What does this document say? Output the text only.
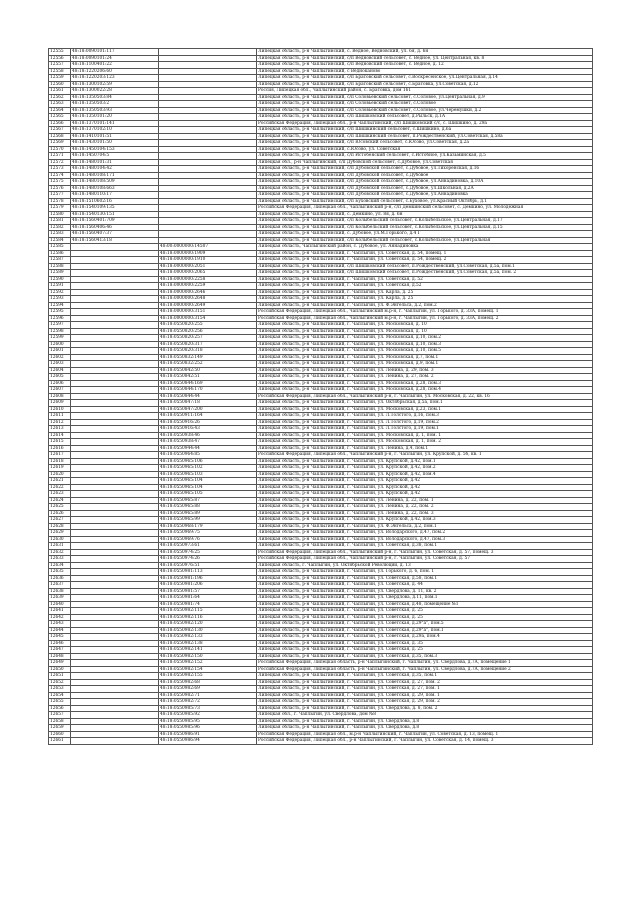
12555	48:18:0090101:117		Липецкая область, р-н Чаплыгинский, с. Ведное, Ведновский, ул. 6я, д. 6н
12556	48:18:0090101:24		Липецкая область, р-н Чаплыгинский, с/п Ведновский сельсовет, с. Ведное, ул. Центральная, кв. 8
12557	48:18:1100401:22		Липецкая область, р-н Чаплыгинский, с/п Ведновский сельсовет, с. Ведное, д. 12
12558	48:18:1220206:60		Липецкая область, р-н Чаплыгинский, с Ведноканово
12559	48:18:1220203:123		Липецкая область, р-н Чаплыгинский, с/п Братовский сельсовет, с.Воскресенское, ул.Центральная, д.14
12560	48:18:1300102:59		Липецкая область, р-н Чаплыгинский, с/п Братовский сельсовет, с.Братовка, ул.Советская, д.12
12561	48:18:1300022:28		Россия, Липецкая обл., Чаплыгинский район, с. Братовка, дом 161
12562	48:18:1350503:84		Липецкая область, р-н Чаплыгинский, с/п Соловьевский сельсовет, с.Соловое, ул.Центральная, д.9
12563	48:18:1350503:2		Липецкая область, р-н Чаплыгинский, с/п Соловьевский сельсовет, с.Соловое
12564	48:18:1350503:93		Липецкая область, р-н Чаплыгинский, с/п Соловьевский сельсовет, с.Соловое, ул.Черемушки, д.2
12565	48:18:1350101:20		Липецкая область, р-н Чаплыгинский, с/п Шишковский сельсовет, д.Рыльск, д.1А
12566	48:18:1370101:141		Российская Федерация, Липецкая обл., р-н Чаплыгинский, с/п Шишковский с/с, с. Шишкино, д. 29а
12567	48:18:1370102:10		Липецкая область, р-н Чаплыгинский, с/п Шишкинский сельсовет, с.Шишкино, д.6а
12568	48:18:1410101:51		Липецкая область, р-н Чаплыгинский, с/п Шишкинский сельсовет, п.Рождественский, ул.Советская, д.58а
12569	48:18:1430101:50		Липецкая область, р-н Чаплыгинский, с/п Юсовский сельсовет, с.Юсово, ул.Советская, д.2а
12570	48:18:1450104:153		Липецкая область, р-н Чаплыгинский, с.Юсово, ул. Советская
12571	48:18:1450704:5		Липецкая область, р-н Чаплыгинский, с/п Истобенский сельсовет, с.Истобное, ул.Казьминская, д.5
12572	48:18:1480101:31		Липецкая обл., р-н Чаплыгинский, с/п Дубовской сельсовет, с.Дубовое, ул.Советская
12573	48:18:1480104:42		Липецкая область, р-н Чаплыгинский, с/п Дубовской сельсовет, с.Дубовое, ул.Тихоренская, д.16
12574	48:18:1480108:171		Липецкая область, р-н Чаплыгинский, с/п Дубовской сельсовет, с.Дубовое
12575	48:18:1480108:509		Липецкая область, р-н Чаплыгинский, с/п Дубовской сельсовет, с.Дубовое, ул.Аннадиновка, д.10А
12576	48:18:1480108:663		Липецкая область, р-н Чаплыгинский, с/п Дубовской сельсовет, с.Дубовое, ул.Школьная, д.2А
12577	48:18:1480110:17		Липецкая область, р-н Чаплыгинский, с/п Дубовской сельсовет, с.Дубовое, ул.Аннадиновка
12578	48:18:1510602:16		Липецкая область, р-н Чаплыгинский, с/п Буховский сельсовет, с.Буховое, ул.Красный Октябрь, д.1
12579	48:18:1540109:135		Российская Федерация, Липецкая обл., Чаплыгинский р-н, с/п Демкинский сельсовет, с. Демкино, ул. Молодежная
12580	48:18:1540130:151		Липецкая область, р-н Чаплыгинский, с. Демкино, ул. 8я, д. 6н
12581	48:18:1560401:709		Липецкая область, р-н Чаплыгинский, с/п Колыбельский сельсовет, с.Колыбельское, ул.Центральная, д.17
12582	48:18:1560406:46		Липецкая область, р-н Чаплыгинский, с/п Колыбельский сельсовет, с.Колыбельское, ул.Центральная, д.15
12583	48:18:1560407:37		Липецкая область, р-н Чаплыгинский, с. Дубовое, ул.М.Горького, д.4 Г
12584	48:18:1560413:18		Липецкая область, р-н Чаплыгинский, с/п Колыбельский сельсовет, с.Колыбельское, ул.Центральная
12585		48:00:0000000:14507	Липецкая область, Чаплыгинский район, с. Дубовое, ул. Аннадиновка
12586		48:18:0000000:1909	Липецкая область, р-н Чаплыгинский, г. Чаплыгин, ул. Советская, д. 54, помещ. 1
12587		48:18:0000000:1910	Липецкая область, р-н Чаплыгинский, г. Чаплыгин, ул. Советская, д. 54, помещ. 2
12588		48:18:0000000:2051	Липецкая область, р-н Чаплыгинский, с/п Шишковский сельсовет, п.Рождественский, ул.Советская, д.5а, пом.1
12589		48:18:0000000:2065	Липецкая область, р-н Чаплыгинский, с/п Шишковский сельсовет, п.Рождественский, ул.Советская, д.5а, пом. 2
12590		48:18:0000000:2258	Липецкая область, р-н Чаплыгинский, г. Чаплыгин, ул. Советская, д. 52
12591		48:18:0000000:2259	Липецкая область, р-н Чаплыгинский, г. Чаплыгин, ул. Советская, д.52
12592		48:18:0000000:2646	Липецкая область, р-н Чаплыгинский, г. Чаплыгин, ул. Карла, д. 25
12593		48:18:0000000:2648	Липецкая область, р-н Чаплыгинский, г. Чаплыгин, ул. Карла, д. 25
12594		48:18:0000000:2649	Липецкая область, р-н Чаплыгинский, г. Чаплыгин, ул. Ф.Энгельса, д.2, пом.2
12595		48:18:0000000:3151	Российская Федерация, Липецкая обл., Чаплыгинский м.р-н, г. Чаплыгин, ул. Горького, д. 33А, помещ. 1
12596		48:18:0000000:3154	Российская Федерация, Липецкая обл., Чаплыгинский м.р-н, г. Чаплыгин, ул. Горького, д. 33А, помещ. 2
12597		48:18:0550820:255	Липецкая область, р-н Чаплыгинский, г. Чаплыгин, ул. Московская, д. 10
12598		48:18:0550820:256	Липецкая область, р-н Чаплыгинский, г. Чаплыгин, ул. Московская, д. 10
12599		48:18:0550820:257	Липецкая область, р-н Чаплыгинский, г. Чаплыгин, ул. Московская, д.10, пом.2
12600		48:18:0550820:317	Липецкая область, р-н Чаплыгинский, г. Чаплыгин, ул. Московская, д.10, пом.3
12601		48:18:0550820:318	Липецкая область, р-н Чаплыгинский, г. Чаплыгин, ул. Московская, д.10, пом.5
12602		48:18:0550832:149	Липецкая область, р-н Чаплыгинский, г. Чаплыгин, ул. Московская, д.7, пом.1
12603		48:18:0550832:252	Липецкая область, р-н Чаплыгинский, г. Чаплыгин, ул. Московская, д.9, пом.1
12604		48:18:0550842:50	Липецкая область, р-н Чаплыгинский, г. Чаплыгин, ул. Ленина, д. 29, пом. 3
12605		48:18:0550842:51	Липецкая область, р-н Чаплыгинский, г. Чаплыгин, ул. Ленина, д. 27, пом. 2
12606		48:18:0550844:169	Липецкая область, р-н Чаплыгинский, г. Чаплыгин, ул. Московская, д.28, пом.3
12607		48:18:0550844:170	Липецкая область, р-н Чаплыгинский, г. Чаплыгин, ул. Московская, д.28, пом.4
12608		48:18:0550844:44	Российская Федерация, Липецкая обл., Чаплыгинский р-н, г. Чаплыгин, ул. Московская, д. 22, кв. 16
12609		48:18:0550847:18	Липецкая область, р-н Чаплыгинский, г. Чаплыгин, ул. Октябрьская, д.5а, пом.1
12610		48:18:0550847:200	Липецкая область, р-н Чаплыгинский, г. Чаплыгин, ул. Московская, д.23, пом.1
12611		48:18:0550911:164	Липецкая область, р-н Чаплыгинский, г. Чаплыгин, ул. Л.Толстого, д.16, пом.3
12612		48:18:0550916:26	Липецкая область, р-н Чаплыгинский, г. Чаплыгин, ул. Л.Толстого, д.19, пом.2
12613		48:18:0550916:43	Липецкая область, р-н Чаплыгинский, г. Чаплыгин, ул. Л.Толстого, д.19, пом.1
12614		48:18:0550938:46	Липецкая область, р-н Чаплыгинский, г. Чаплыгин, ул. Московская, д. 1, пом. 1
12615		48:18:0550938:47	Липецкая область, р-н Чаплыгинский, г. Чаплыгин, ул. Московская, д. 1, пом. 2
12616		48:18:0550944:44	Липецкая область, р-н Чаплыгинский, г. Чаплыгин, ул. Ленина, д.4, пом.1
12617		48:18:0550964:85	Российская Федерация, Липецкая обл., Чаплыгинский р-н, г. Чаплыгин, ул. Крупской, д. 5б, кв. 1
12618		48:18:0550965:106	Липецкая область, р-н Чаплыгинский, г. Чаплыгин, ул. Крупской, д.42, пом.1
12619		48:18:0550965:102	Липецкая область, р-н Чаплыгинский, г. Чаплыгин, ул. Крупской, д.42, пом.2
12620		48:18:0550965:103	Липецкая область, р-н Чаплыгинский, г. Чаплыгин, ул. Крупской, д.42, пом.4
12621		48:18:0550965:104	Липецкая область, р-н Чаплыгинский, г. Чаплыгин, ул. Крупской, д.42
12622		48:18:0550965:104	Липецкая область, р-н Чаплыгинский, г. Чаплыгин, ул. Крупской, д.42
12623		48:18:0550965:105	Липецкая область, р-н Чаплыгинский, г. Чаплыгин, ул. Крупской, д.42
12624		48:18:0550965:87	Липецкая область, р-н Чаплыгинский, г. Чаплыгин, ул. Ленина, д. 22, пом. 1
12625		48:18:0550965:88	Липецкая область, р-н Чаплыгинский, г. Чаплыгин, ул. Ленина, д. 22, пом. 2
12626		48:18:0550965:89	Липецкая область, р-н Чаплыгинский, г. Чаплыгин, ул. Ленина, д. 22, пом. 3
12627		48:18:0550965:99	Липецкая область, р-н Чаплыгинский, г. Чаплыгин, ул. Крупской, д.42, пом.3
12628		48:18:0550968:179	Липецкая область, р-н Чаплыгинский, г. Чаплыгин, ул. Ф.Энгельса, д.2, пом.1
12629		48:18:0550969:75	Липецкая область, р-н Чаплыгинский, г. Чаплыгин, ул. Володарского, д.47, пом.2
12630		48:18:0550969:76	Липецкая область, р-н Чаплыгинский, г. Чаплыгин, ул. Володарского, д.47, пом.3
12631		48:18:0550973:61	Липецкая область, р-н Чаплыгинский, г. Чаплыгин, ул. Советская, д.38, пом.1
12632		48:18:0550974:25	Российская Федерация, Липецкая обл., Чаплыгинский р-н, г. Чаплыгин, ул. Советская, д. 57, помещ. 3
12633		48:18:0550974:26	Российская Федерация, Липецкая обл., Чаплыгинский р-н, г. Чаплыгин, ул. Советская, д. 57
12634		48:18:0550976:51	Липецкая область, г. Чаплыгин, ул. Октябрьской Революции, д. 13
12635		48:18:0550981:113	Липецкая область, р-н Чаплыгинский, г. Чаплыгин, ул. Горького, д. 6, пом. 1
12636		48:18:0550981:196	Липецкая область, р-н Чаплыгинский, г. Чаплыгин, ул. Советская, д.58, пом.1
12637		48:18:0550981:206	Липецкая область, р-н Чаплыгинский, г. Чаплыгин, ул. Советская, д. 44
12638		48:18:0550981:57	Липецкая область, р-н Чаплыгинский, г. Чаплыгин, ул. Свердлова, д. 11, кв. 2
12639		48:18:0550981:64	Липецкая область, р-н Чаплыгинский, г. Чаплыгин, ул. Свердлова, д.11, пом.1
12640		48:18:0550981:74	Липецкая область, р-н Чаплыгинский, г. Чаплыгин, ул. Советская, д.48, помещение №1
12641		48:18:0550982:115	Липецкая область, р-н Чаплыгинский, г. Чаплыгин, ул. Советская, д. 25
12642		48:18:0550982:116	Липецкая область, р-н Чаплыгинский, г. Чаплыгин, ул. Советская, д. 25
12643		48:18:0550982:120	Липецкая область, р-н Чаплыгинский, г. Чаплыгин, ул. Советская, д.29"а", пом.5
12644		48:18:0550982:130	Липецкая область, р-н Чаплыгинский, г. Чаплыгин, ул. Советская, д.29"а", пом.1
12645		48:18:0550982:133	Липецкая область, р-н Чаплыгинский, г. Чаплыгин, ул. Советская, д.29а, пом.4
12646		48:18:0550982:138	Липецкая область, р-н Чаплыгинский, г. Чаплыгин, ул. Советская, д. 35
12647		48:18:0550982:141	Липецкая область, р-н Чаплыгинский, г. Чаплыгин, ул. Советская, д. 25
12648		48:18:0550982:150	Липецкая область, р-н Чаплыгинский, г. Чаплыгин, ул. Советская, д.35, пом.3
12649		48:18:0550982:152	Российская Федерация, Липецкая область, р-н Чаплыгинский, г. Чаплыгин, ул. Свердлова, д.7А, помещение 1
12650		48:18:0550982:154	Российская Федерация, Липецкая область, р-н Чаплыгинский, г. Чаплыгин, ул. Свердлова, д.7А, помещение 2
12651		48:18:0550982:155	Липецкая область, р-н Чаплыгинский, г. Чаплыгин, ул. Советская, д.35, пом.1
12652		48:18:0550982:68	Липецкая область, р-н Чаплыгинский, г. Чаплыгин, ул. Советская, д. 27, пом. 2
12653		48:18:0550982:69	Липецкая область, р-н Чаплыгинский, г. Чаплыгин, ул. Советская, д. 27, пом. 1
12654		48:18:0550982:71	Липецкая область, р-н Чаплыгинский, г. Чаплыгин, ул. Советская, д. 29, пом. 1
12655		48:18:0550982:72	Липецкая область, р-н Чаплыгинский, г. Чаплыгин, ул. Советская, д. 29, пом. 2
12656		48:18:0550985:73	Липецкая область, р-н Чаплыгинский, г. Чаплыгин, ул. Свердлова, д. 8, пом. 2
12657		48:18:0550985:92	Липецкая обл., г. Чаплыгин, ул. Свердлова, дом №8
12658		48:18:0550985:95	Липецкая область, р-н Чаплыгинский, г. Чаплыгин, ул. Свердлова, д.8
12659		48:18:0550985:96	Липецкая область, р-н Чаплыгинский, г. Чаплыгин, ул. Свердлова, д.8
12660		48:18:0550986:91	Российская Федерация, Липецкая обл., м.р-н Чаплыгинский, г. Чаплыгин, ул. Советская, д. 13, помещ. 1
12661		48:18:0550986:94	Российская Федерация, Липецкая обл., р-н Чаплыгинский, г. Чаплыгин, ул. Советская, д. 14, помещ. 3
